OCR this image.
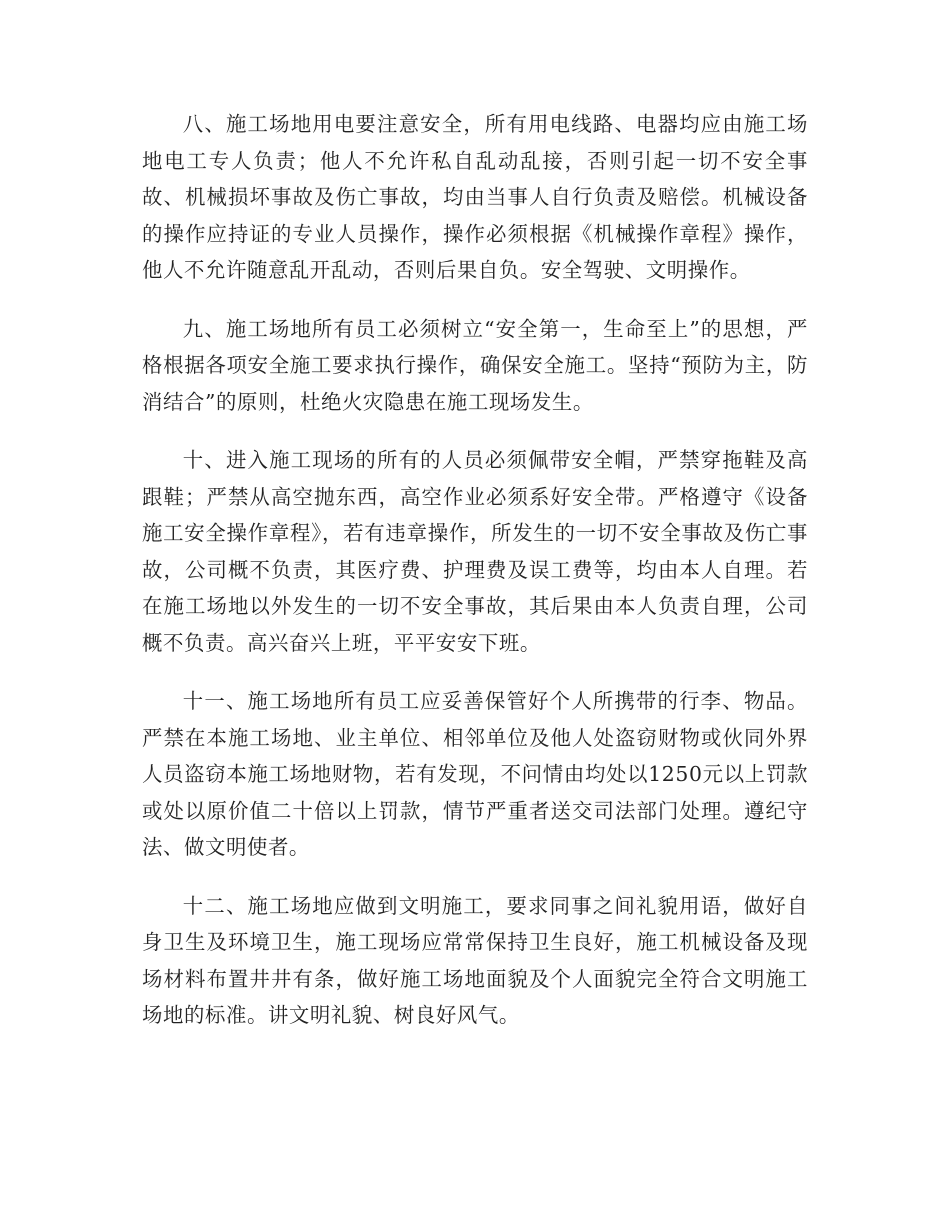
八、施工场地用电要注意安全，所有用电线路、电器均应由施工场地电工专人负责；他人不允许私自乱动乱接，否则引起一切不安全事故、机械损坏事故及伤亡事故，均由当事人自行负责及赔偿。机械设备的操作应持证的专业人员操作，操作必须根据《机械操作章程》操作，他人不允许随意乱开乱动，否则后果自负。安全驾驶、文明操作。

九、施工场地所有员工必须树立“安全第一，生命至上”的思想，严格根据各项安全施工要求执行操作，确保安全施工。坚持“预防为主，防消结合”的原则，杜绝火灾隐患在施工现场发生。

十、进入施工现场的所有的人员必须佩带安全帽，严禁穿拖鞋及高跟鞋；严禁从高空抛东西，高空作业必须系好安全带。严格遵守《设备施工安全操作章程》，若有违章操作，所发生的一切不安全事故及伤亡事故，公司概不负责，其医疗费、护理费及误工费等，均由本人自理。若在施工场地以外发生的一切不安全事故，其后果由本人负责自理，公司概不负责。高兴奋兴上班，平平安安下班。

十一、施工场地所有员工应妥善保管好个人所携带的行李、物品。严禁在本施工场地、业主单位、相邻单位及他人处盗窃财物或伙同外界人员盗窃本施工场地财物，若有发现，不问情由均处以1250元以上罚款或处以原价值二十倍以上罚款，情节严重者送交司法部门处理。遵纪守法、做文明使者。

十二、施工场地应做到文明施工，要求同事之间礼貌用语，做好自身卫生及环境卫生，施工现场应常常保持卫生良好，施工机械设备及现场材料布置井井有条，做好施工场地面貌及个人面貌完全符合文明施工场地的标准。讲文明礼貌、树良好风气。
